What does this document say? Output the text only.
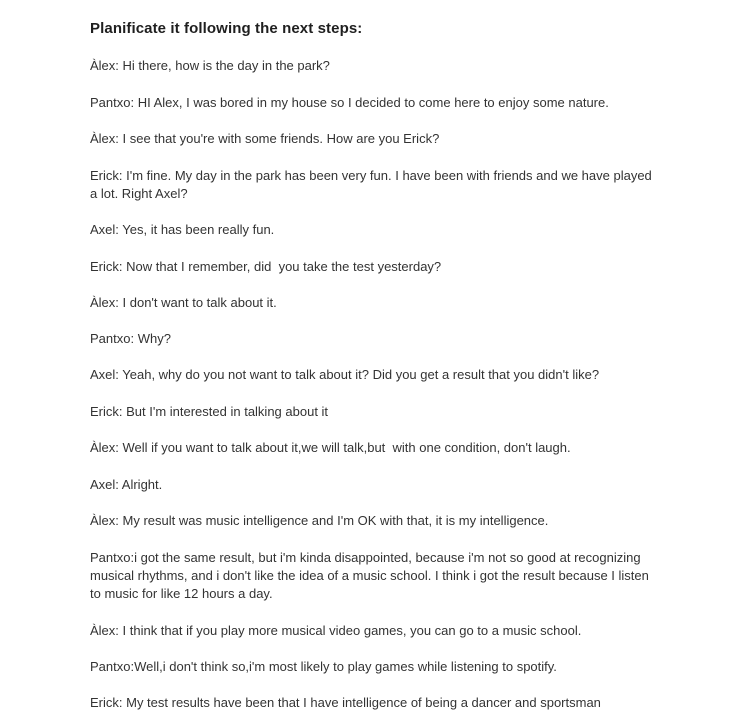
Planificate it following the next steps:
Àlex: Hi there, how is the day in the park?
Pantxo: HI Alex, I was bored in my house so I decided to come here to enjoy some nature.
Àlex: I see that you're with some friends. How are you Erick?
Erick: I'm fine. My day in the park has been very fun. I have been with friends and we have played a lot. Right Axel?
Axel: Yes, it has been really fun.
Erick: Now that I remember, did  you take the test yesterday?
Àlex: I don't want to talk about it.
Pantxo: Why?
Axel: Yeah, why do you not want to talk about it? Did you get a result that you didn't like?
Erick: But I'm interested in talking about it
Àlex: Well if you want to talk about it,we will talk,but  with one condition, don't laugh.
Axel: Alright.
Àlex: My result was music intelligence and I'm OK with that, it is my intelligence.
Pantxo:i got the same result, but i'm kinda disappointed, because i'm not so good at recognizing musical rhythms, and i don't like the idea of a music school. I think i got the result because I listen to music for like 12 hours a day.
Àlex: I think that if you play more musical video games, you can go to a music school.
Pantxo:Well,i don't think so,i'm most likely to play games while listening to spotify.
Erick: My test results have been that I have intelligence of being a dancer and sportsman
